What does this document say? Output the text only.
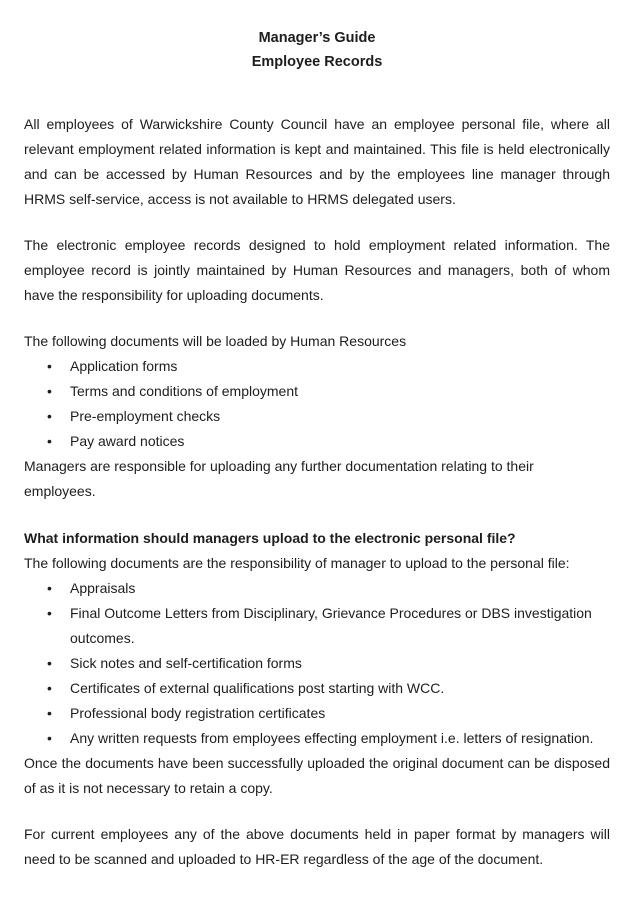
Manager’s Guide
Employee Records

All employees of Warwickshire County Council have an employee personal file, where all relevant employment related information is kept and maintained. This file is held electronically and can be accessed by Human Resources and by the employees line manager through HRMS self-service, access is not available to HRMS delegated users.

The electronic employee records designed to hold employment related information. The employee record is jointly maintained by Human Resources and managers, both of whom have the responsibility for uploading documents.

The following documents will be loaded by Human Resources

• Application forms
• Terms and conditions of employment
• Pre-employment checks
• Pay award notices

Managers are responsible for uploading any further documentation relating to their employees.

What information should managers upload to the electronic personal file?

The following documents are the responsibility of manager to upload to the personal file:

• Appraisals
• Final Outcome Letters from Disciplinary, Grievance Procedures or DBS investigation outcomes.
• Sick notes and self-certification forms
• Certificates of external qualifications post starting with WCC.
• Professional body registration certificates
• Any written requests from employees effecting employment i.e. letters of resignation.

Once the documents have been successfully uploaded the original document can be disposed of as it is not necessary to retain a copy.

For current employees any of the above documents held in paper format by managers will need to be scanned and uploaded to HR-ER regardless of the age of the document.
